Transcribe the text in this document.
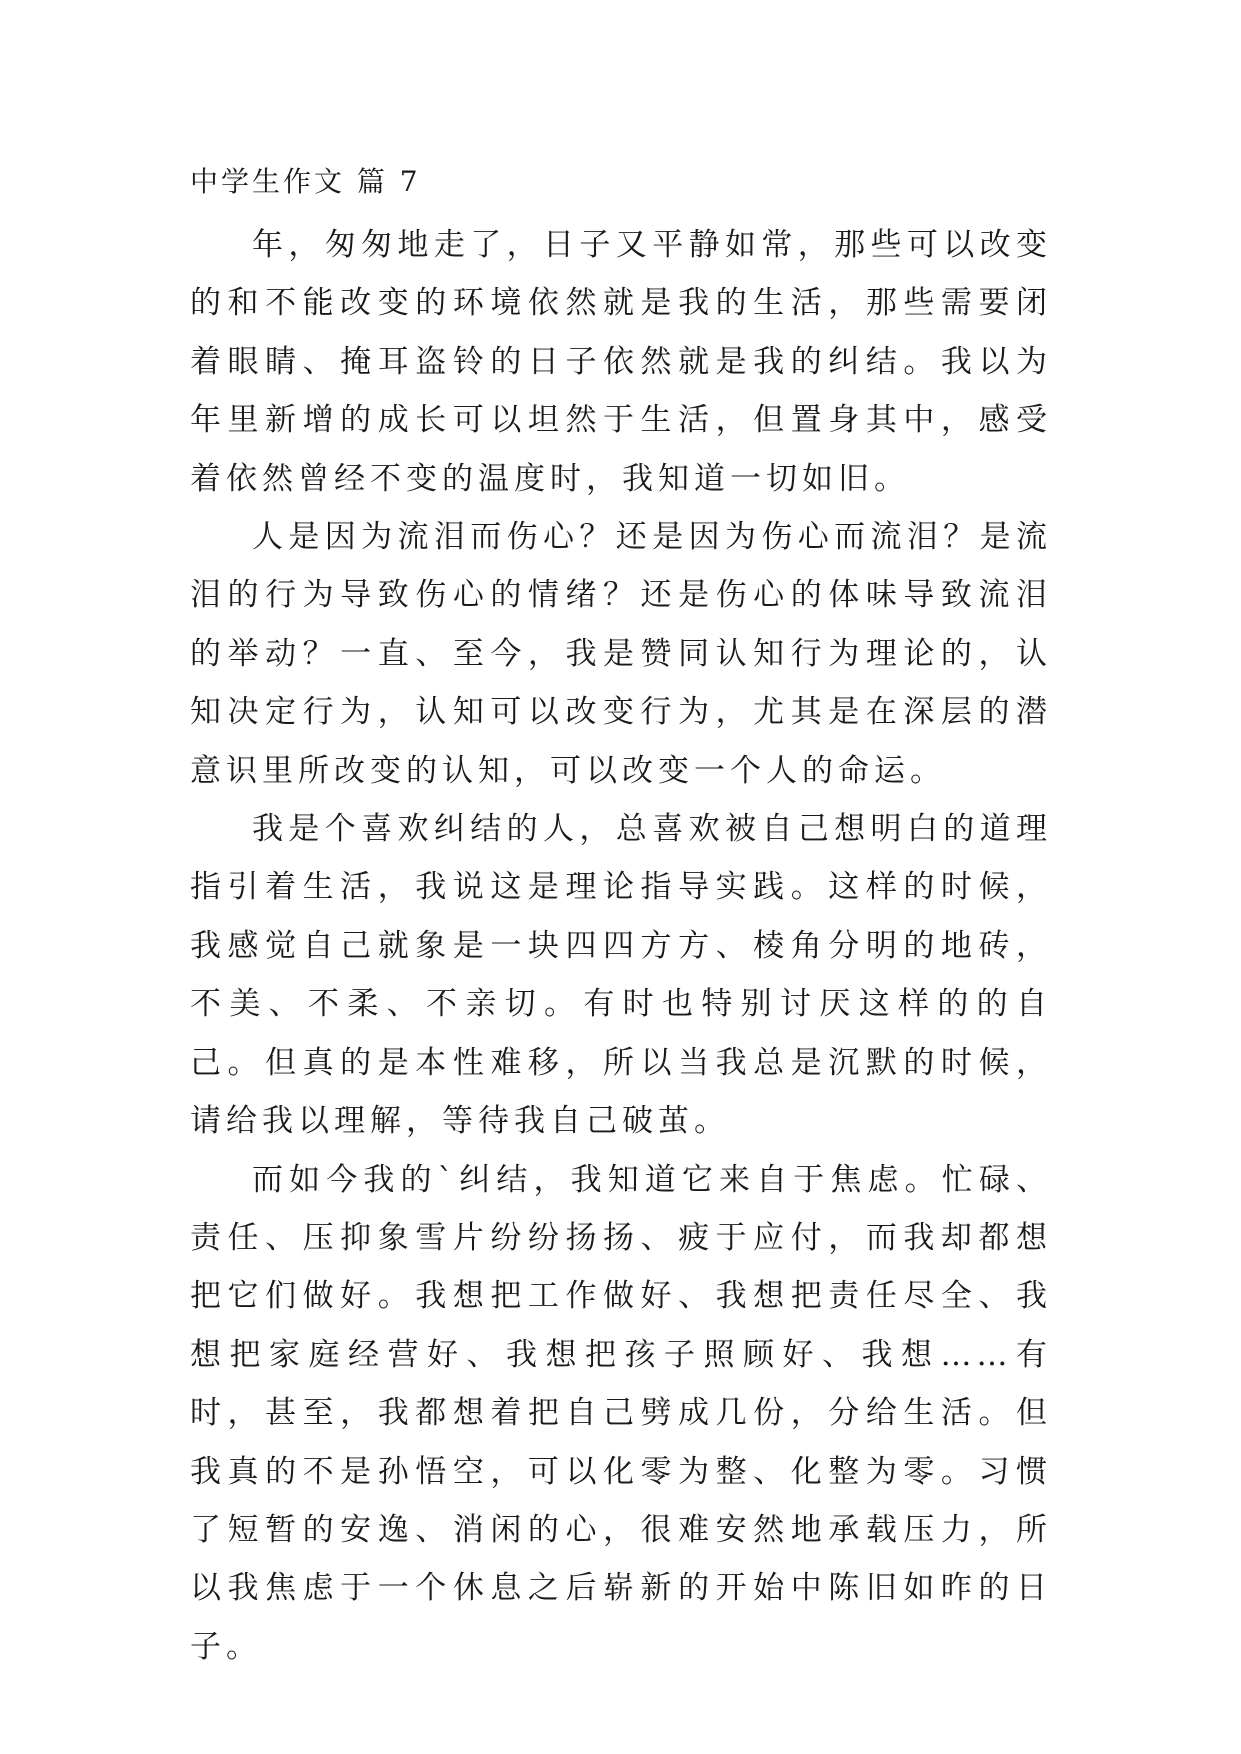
中学生作文 篇 7

年，匆匆地走了，日子又平静如常，那些可以改变的和不能改变的环境依然就是我的生活，那些需要闭着眼睛、掩耳盗铃的日子依然就是我的纠结。我以为年里新增的成长可以坦然于生活，但置身其中，感受着依然曾经不变的温度时，我知道一切如旧。

人是因为流泪而伤心？还是因为伤心而流泪？是流泪的行为导致伤心的情绪？还是伤心的体味导致流泪的举动？一直、至今，我是赞同认知行为理论的，认知决定行为，认知可以改变行为，尤其是在深层的潜意识里所改变的认知，可以改变一个人的命运。

我是个喜欢纠结的人，总喜欢被自己想明白的道理指引着生活，我说这是理论指导实践。这样的时候，我感觉自己就象是一块四四方方、棱角分明的地砖，不美、不柔、不亲切。有时也特别讨厌这样的的自己。但真的是本性难移，所以当我总是沉默的时候，请给我以理解，等待我自己破茧。

而如今我的`纠结，我知道它来自于焦虑。忙碌、责任、压抑象雪片纷纷扬扬、疲于应付，而我却都想把它们做好。我想把工作做好、我想把责任尽全、我想把家庭经营好、我想把孩子照顾好、我想……有时，甚至，我都想着把自己劈成几份，分给生活。但我真的不是孙悟空，可以化零为整、化整为零。习惯了短暂的安逸、消闲的心，很难安然地承载压力，所以我焦虑于一个休息之后崭新的开始中陈旧如昨的日子。
